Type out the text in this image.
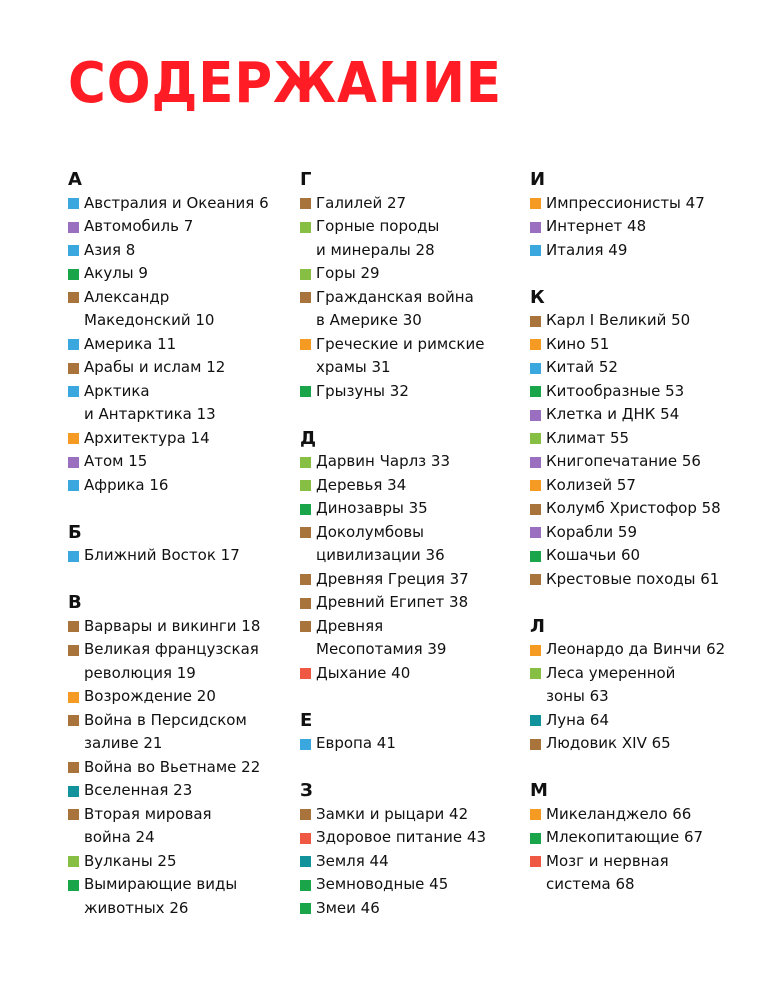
СОДЕРЖАНИЕ
А
Австралия и Океания 6
Автомобиль 7
Азия 8
Акулы 9
Александр
Македонский 10
Америка 11
Арабы и ислам 12
Арктика
и Антарктика 13
Архитектура 14
Атом 15
Африка 16
Б
Ближний Восток 17
В
Варвары и викинги 18
Великая французская
революция 19
Возрождение 20
Война в Персидском
заливе 21
Война во Вьетнаме 22
Вселенная 23
Вторая мировая
война 24
Вулканы 25
Вымирающие виды
животных 26
Г
Галилей 27
Горные породы
и минералы 28
Горы 29
Гражданская война
в Америке 30
Греческие и римские
храмы 31
Грызуны 32
Д
Дарвин Чарлз 33
Деревья 34
Динозавры 35
Доколумбовы
цивилизации 36
Древняя Греция 37
Древний Египет 38
Древняя
Месопотамия 39
Дыхание 40
Е
Европа 41
З
Замки и рыцари 42
Здоровое питание 43
Земля 44
Земноводные 45
Змеи 46
И
Импрессионисты 47
Интернет 48
Италия 49
К
Карл I Великий 50
Кино 51
Китай 52
Китообразные 53
Клетка и ДНК 54
Климат 55
Книгопечатание 56
Колизей 57
Колумб Христофор 58
Корабли 59
Кошачьи 60
Крестовые походы 61
Л
Леонардо да Винчи 62
Леса умеренной
зоны 63
Луна 64
Людовик XIV 65
М
Микеланджело 66
Млекопитающие 67
Мозг и нервная
система 68
